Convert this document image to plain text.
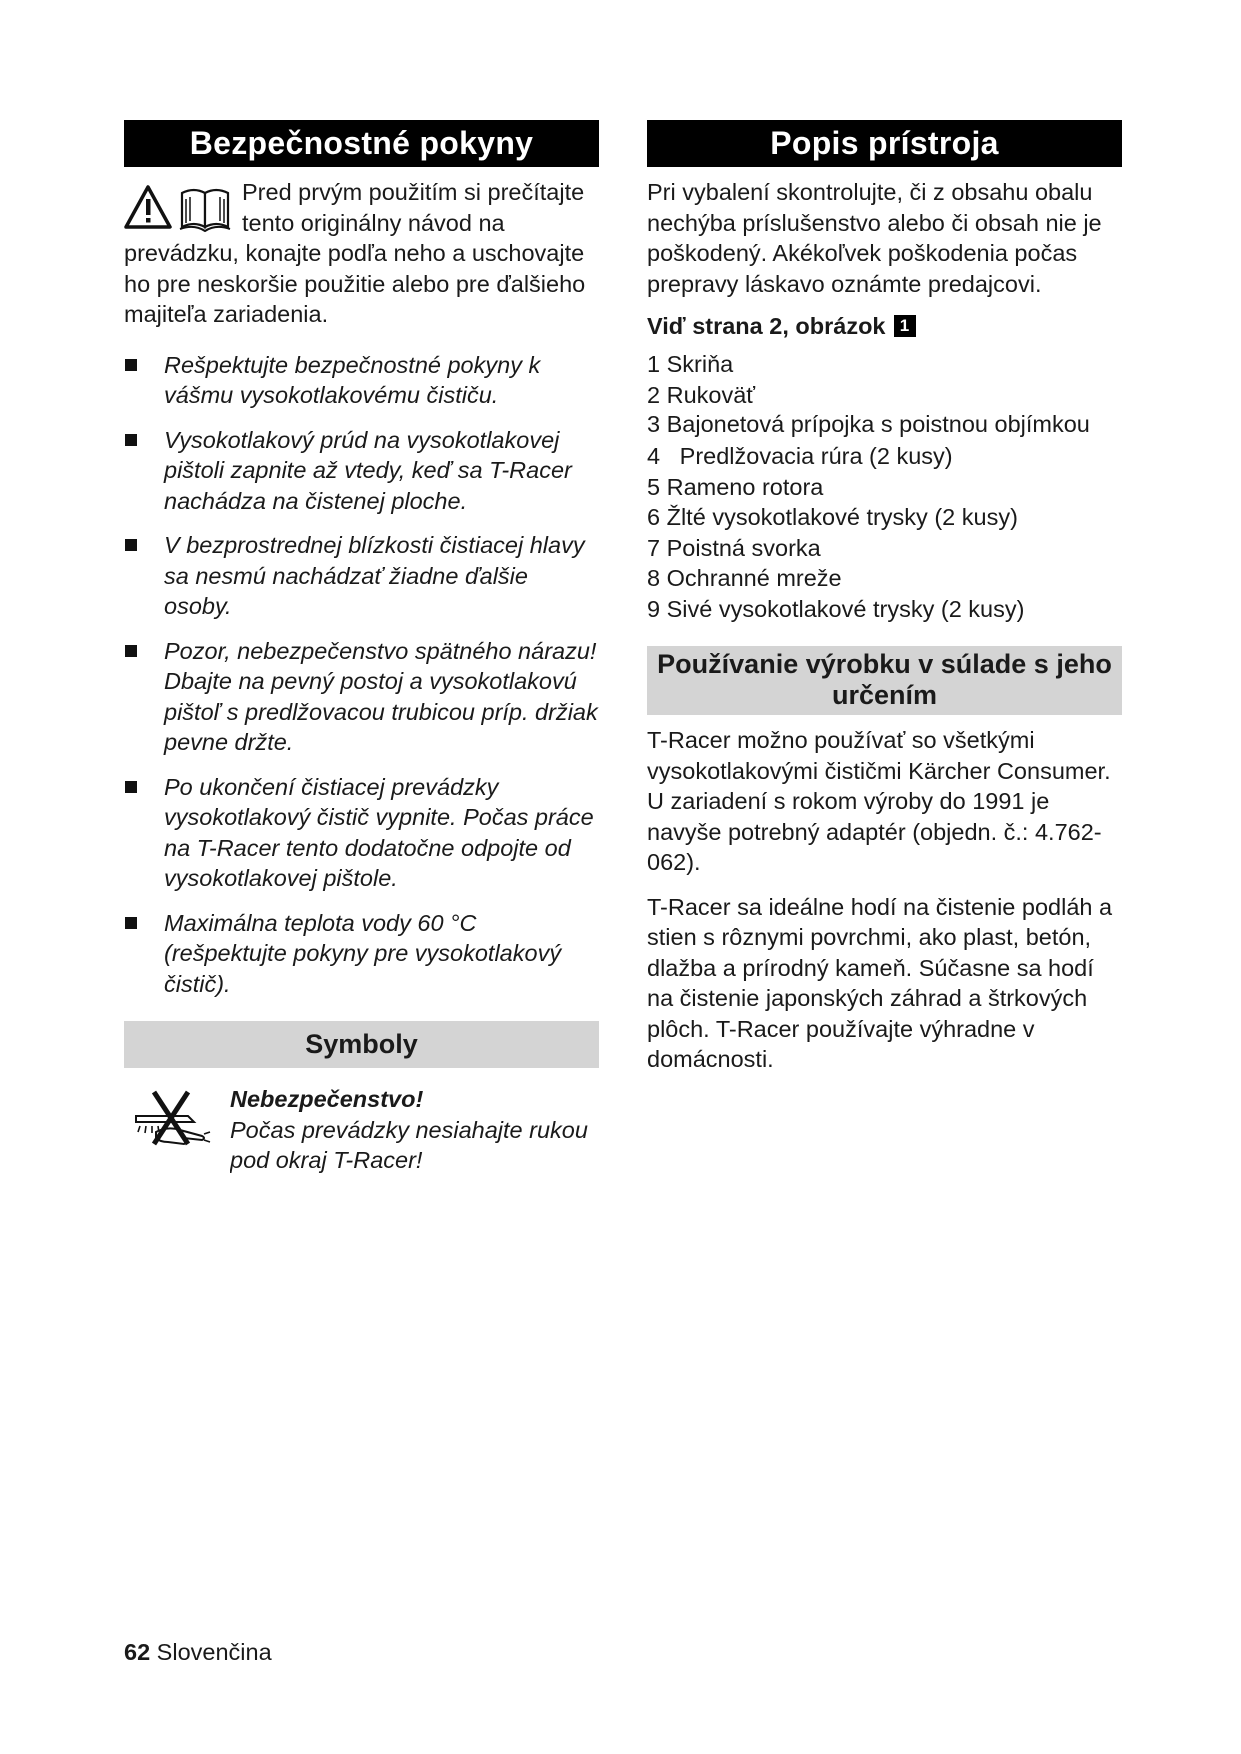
Bezpečnostné pokyny

Pred prvým použitím si prečítajte tento originálny návod na prevádzku, konajte podľa neho a uschovajte ho pre neskoršie použitie alebo pre ďalšieho majiteľa zariadenia.

Rešpektujte bezpečnostné pokyny k vášmu vysokotlakovému čističu.
Vysokotlakový prúd na vysokotlakovej pištoli zapnite až vtedy, keď sa T-Racer nachádza na čistenej ploche.
V bezprostrednej blízkosti čistiacej hlavy sa nesmú nachádzať žiadne ďalšie osoby.
Pozor, nebezpečenstvo spätného nárazu! Dbajte na pevný postoj a vysokotlakovú pištoľ s predlžovacou trubicou príp. držiak pevne držte.
Po ukončení čistiacej prevádzky vysokotlakový čistič vypnite. Počas práce na T-Racer tento dodatočne odpojte od vysokotlakovej pištole.
Maximálna teplota vody 60 °C (rešpektujte pokyny pre vysokotlakový čistič).
Symboly
Nebezpečenstvo!
Počas prevádzky nesiahajte rukou pod okraj T-Racer!
Popis prístroja

Pri vybalení skontrolujte, či z obsahu obalu nechýba príslušenstvo alebo či obsah nie je poškodený. Akékoľvek poškodenia počas prepravy láskavo oznámte predajcovi.

Viď strana 2, obrázok 1
1 Skriňa
2 Rukoväť
3 Bajonetová prípojka s poistnou objímkou
4 Predlžovacia rúra (2 kusy)
5 Rameno rotora
6 Žlté vysokotlakové trysky (2 kusy)
7 Poistná svorka
8 Ochranné mreže
9 Sivé vysokotlakové trysky (2 kusy)
Používanie výrobku v súlade s jeho určením

T-Racer možno používať so všetkými vysokotlakovými čističmi Kärcher Consumer. U zariadení s rokom výroby do 1991 je navyše potrebný adaptér (objedn. č.: 4.762-062).

T-Racer sa ideálne hodí na čistenie podláh a stien s rôznymi povrchmi, ako plast, betón, dlažba a prírodný kameň. Súčasne sa hodí na čistenie japonských záhrad a štrkových plôch. T-Racer používajte výhradne v domácnosti.

62 Slovenčina
